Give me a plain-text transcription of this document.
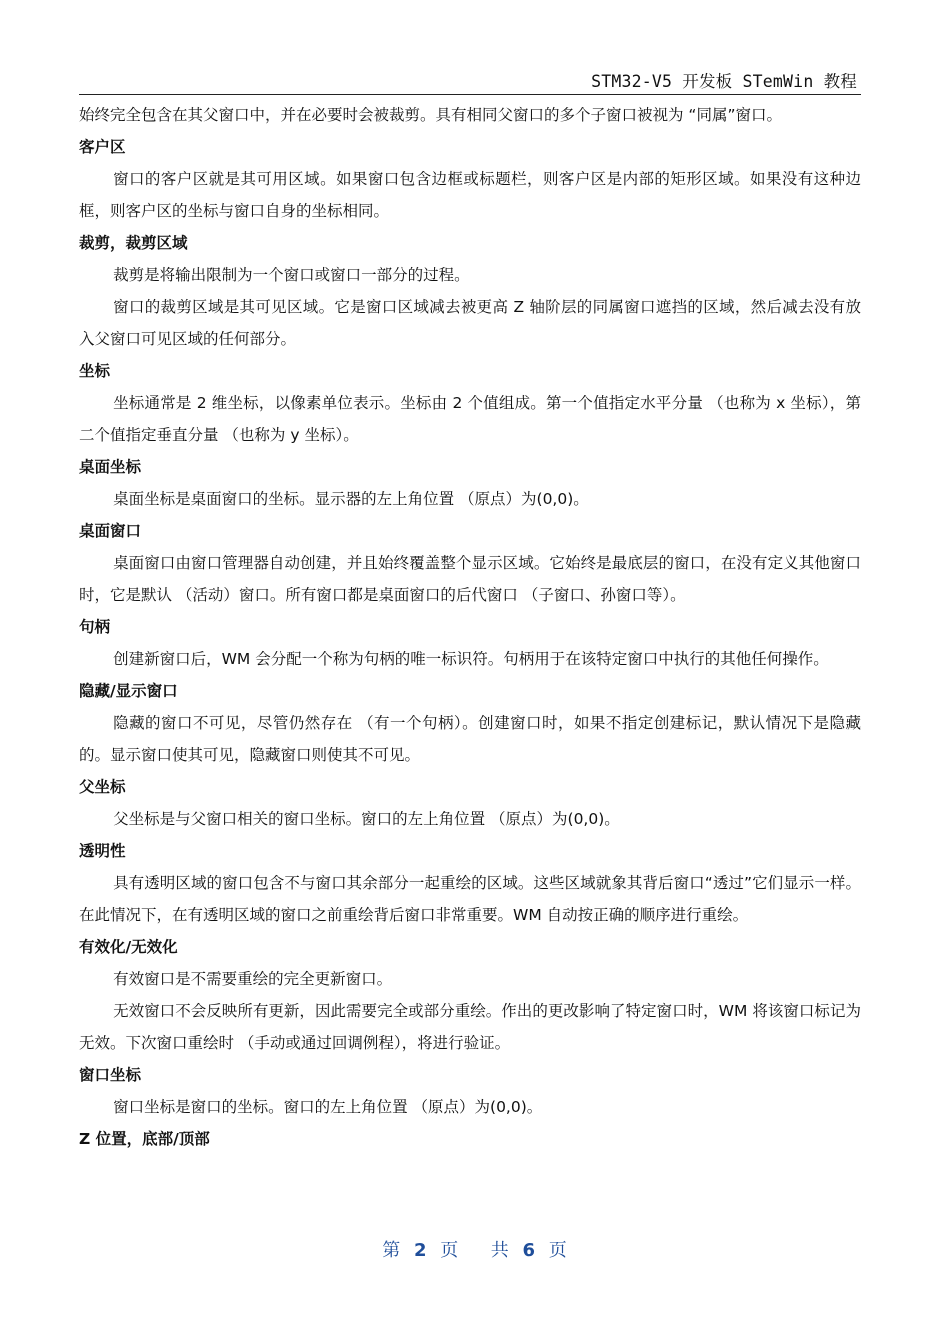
STM32-V5 开发板 STemWin 教程

始终完全包含在其父窗口中，并在必要时会被裁剪。具有相同父窗口的多个子窗口被视为 “同属”窗口。

客户区

窗口的客户区就是其可用区域。如果窗口包含边框或标题栏，则客户区是内部的矩形区域。如果没有这种边框，则客户区的坐标与窗口自身的坐标相同。

裁剪，裁剪区域

裁剪是将输出限制为一个窗口或窗口一部分的过程。

窗口的裁剪区域是其可见区域。它是窗口区域减去被更高 Z 轴阶层的同属窗口遮挡的区域，然后减去没有放入父窗口可见区域的任何部分。

坐标

坐标通常是 2 维坐标，以像素单位表示。坐标由 2 个值组成。第一个值指定水平分量 （也称为 x 坐标），第二个值指定垂直分量 （也称为 y 坐标）。

桌面坐标

桌面坐标是桌面窗口的坐标。显示器的左上角位置 （原点）为(0,0)。

桌面窗口

桌面窗口由窗口管理器自动创建，并且始终覆盖整个显示区域。它始终是最底层的窗口，在没有定义其他窗口时，它是默认 （活动）窗口。所有窗口都是桌面窗口的后代窗口 （子窗口、孙窗口等）。

句柄

创建新窗口后，WM 会分配一个称为句柄的唯一标识符。句柄用于在该特定窗口中执行的其他任何操作。

隐藏/显示窗口

隐藏的窗口不可见，尽管仍然存在 （有一个句柄）。创建窗口时，如果不指定创建标记，默认情况下是隐藏的。显示窗口使其可见，隐藏窗口则使其不可见。

父坐标

父坐标是与父窗口相关的窗口坐标。窗口的左上角位置 （原点）为(0,0)。

透明性

具有透明区域的窗口包含不与窗口其余部分一起重绘的区域。这些区域就象其背后窗口“透过”它们显示一样。在此情况下，在有透明区域的窗口之前重绘背后窗口非常重要。WM 自动按正确的顺序进行重绘。

有效化/无效化

有效窗口是不需要重绘的完全更新窗口。

无效窗口不会反映所有更新，因此需要完全或部分重绘。作出的更改影响了特定窗口时，WM 将该窗口标记为无效。下次窗口重绘时 （手动或通过回调例程），将进行验证。

窗口坐标

窗口坐标是窗口的坐标。窗口的左上角位置 （原点）为(0,0)。

Z 位置，底部/顶部

第 2 页 共 6 页
